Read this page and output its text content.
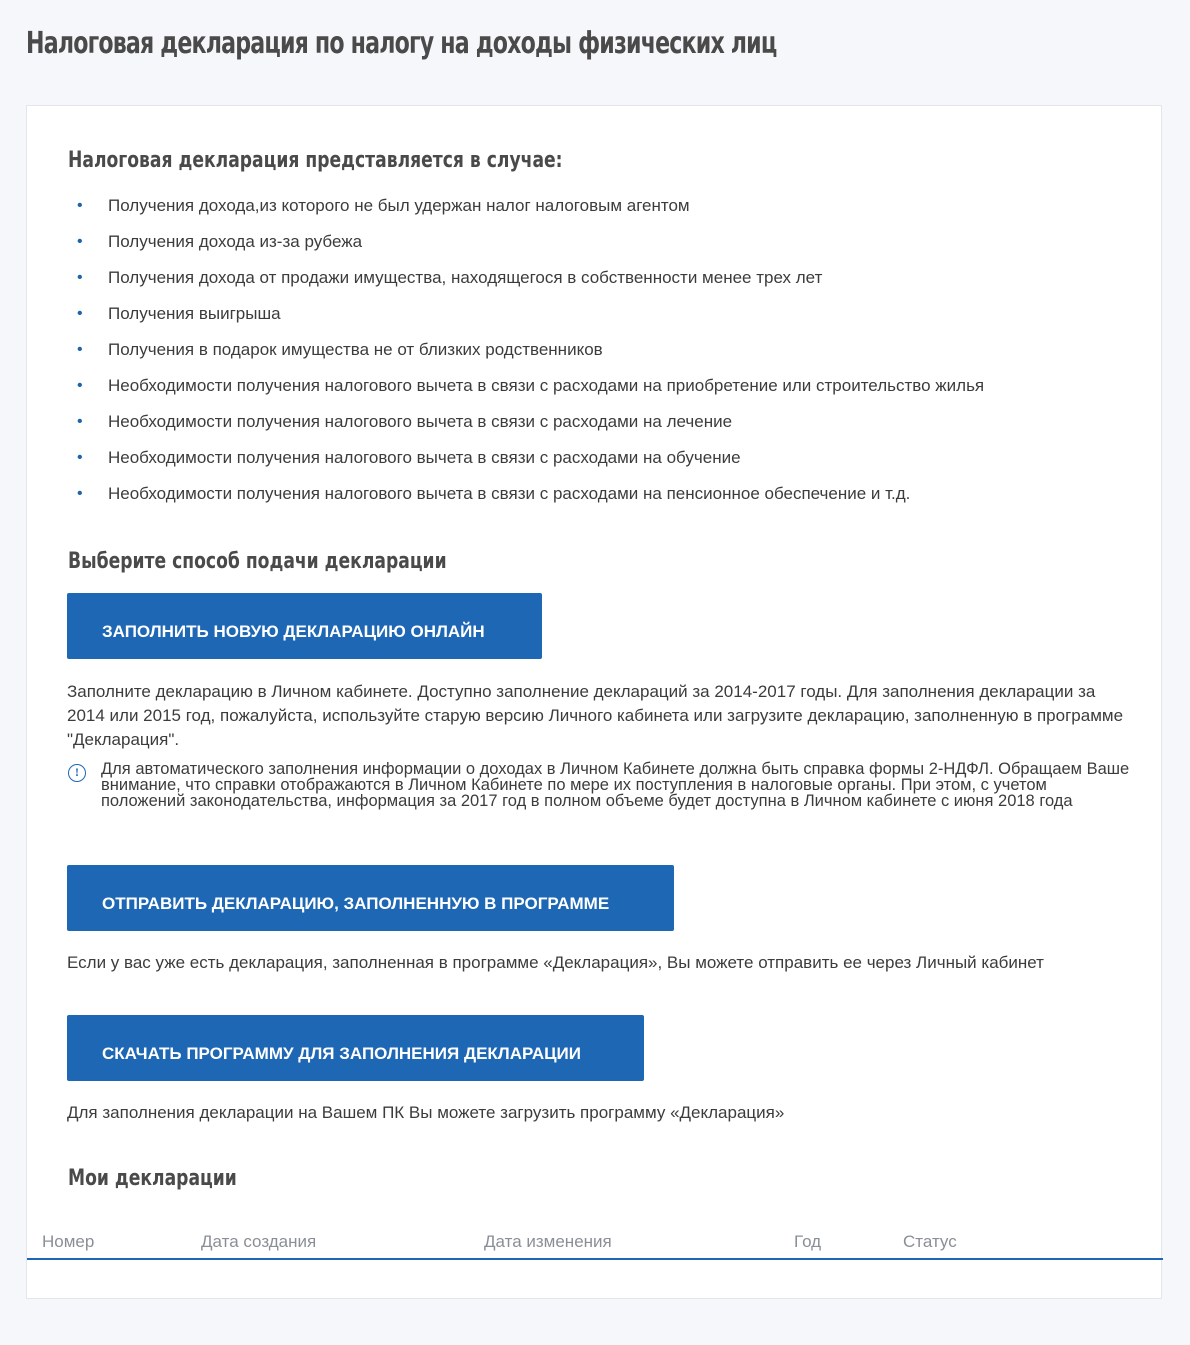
Налоговая декларация по налогу на доходы физических лиц
Налоговая декларация представляется в случае:
• Получения дохода,из которого не был удержан налог налоговым агентом
• Получения дохода из-за рубежа
• Получения дохода от продажи имущества, находящегося в собственности менее трех лет
• Получения выигрыша
• Получения в подарок имущества не от близких родственников
• Необходимости получения налогового вычета в связи с расходами на приобретение или строительство жилья
• Необходимости получения налогового вычета в связи с расходами на лечение
• Необходимости получения налогового вычета в связи с расходами на обучение
• Необходимости получения налогового вычета в связи с расходами на пенсионное обеспечение и т.д.
Выберите способ подачи декларации
ЗАПОЛНИТЬ НОВУЮ ДЕКЛАРАЦИЮ ОНЛАЙН

Заполните декларацию в Личном кабинете. Доступно заполнение деклараций за 2014-2017 годы. Для заполнения декларации за 2014 или 2015 год, пожалуйста, используйте старую версию Личного кабинета или загрузите декларацию, заполненную в программе "Декларация".

!	Для автоматического заполнения информации о доходах в Личном Кабинете должна быть справка формы 2-НДФЛ. Обращаем Ваше внимание, что справки отображаются в Личном Кабинете по мере их поступления в налоговые органы. При этом, с учетом положений законодательства, информация за 2017 год в полном объеме будет доступна в Личном кабинете с июня 2018 года

ОТПРАВИТЬ ДЕКЛАРАЦИЮ, ЗАПОЛНЕННУЮ В ПРОГРАММЕ

Если у вас уже есть декларация, заполненная в программе «Декларация», Вы можете отправить ее через Личный кабинет

СКАЧАТЬ ПРОГРАММУ ДЛЯ ЗАПОЛНЕНИЯ ДЕКЛАРАЦИИ

Для заполнения декларации на Вашем ПК Вы можете загрузить программу «Декларация»

Мои декларации
Номер	Дата создания	Дата изменения	Год	Статус
